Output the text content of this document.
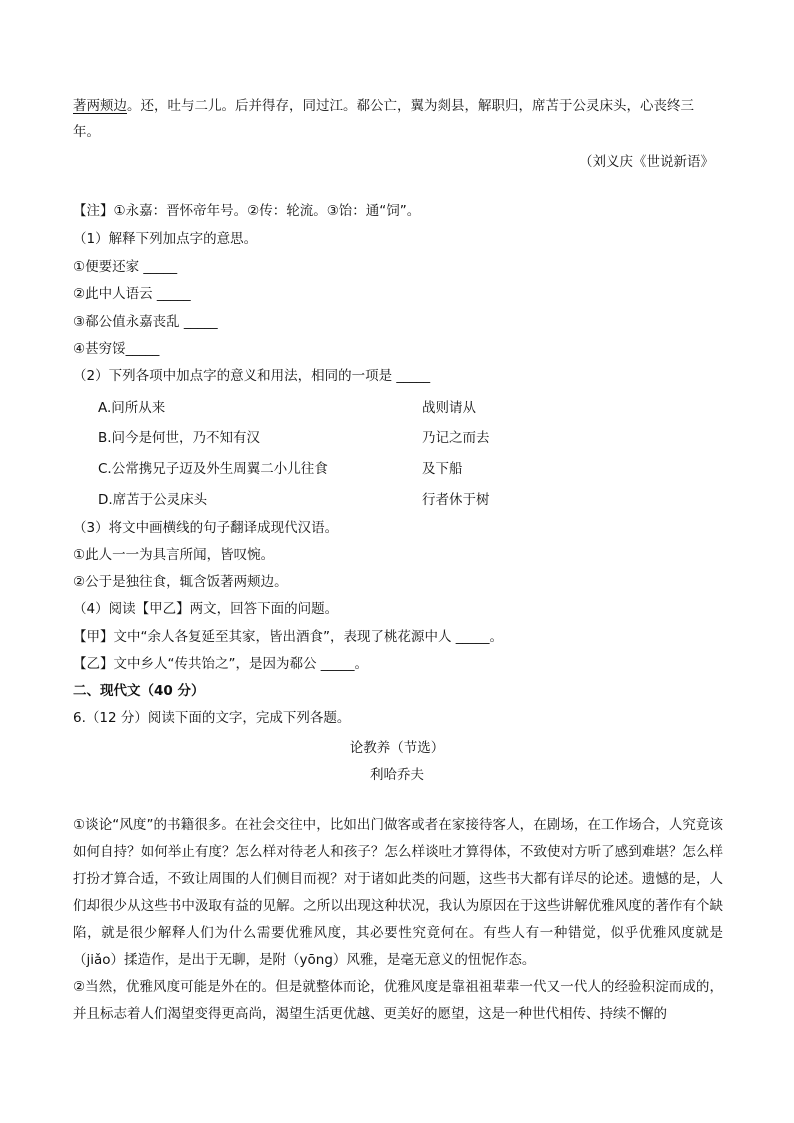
著两颊边。还，吐与二儿。后并得存，同过江。郗公亡，翼为剡县，解职归，席苫于公灵床头，心丧终三
年。
（刘义庆《世说新语》
【注】①永嘉：晋怀帝年号。②传：轮流。③饴：通“饲”。
（1）解释下列加点字的意思。
①便要还家 _____
②此中人语云 _____
③郗公值永嘉丧乱 _____
④甚穷馁_____
（2）下列各项中加点字的意义和用法，相同的一项是 _____
A.问所从来	战则请从
B.问今是何世，乃不知有汉	乃记之而去
C.公常携兄子迈及外生周翼二小儿往食	及下船
D.席苫于公灵床头	行者休于树
（3）将文中画横线的句子翻译成现代汉语。
①此人一一为具言所闻，皆叹惋。
②公于是独往食，辄含饭著两颊边。
（4）阅读【甲乙】两文，回答下面的问题。
【甲】文中“余人各复延至其家，皆出酒食”，表现了桃花源中人 _____。
【乙】文中乡人“传共饴之”，是因为郗公 _____。
二、现代文（40 分）
6.（12 分）阅读下面的文字，完成下列各题。
论教养（节选）
利哈乔夫
①谈论“风度”的书籍很多。在社会交往中，比如出门做客或者在家接待客人，在剧场，在工作场合，人究竟该如何自持？如何举止有度？怎么样对待老人和孩子？怎么样谈吐才算得体，不致使对方听了感到难堪？怎么样打扮才算合适，不致让周围的人们侧目而视？对于诸如此类的问题，这些书大都有详尽的论述。遗憾的是，人们却很少从这些书中汲取有益的见解。之所以出现这种状况，我认为原因在于这些讲解优雅风度的著作有个缺陷，就是很少解释人们为什么需要优雅风度，其必要性究竟何在。有些人有一种错觉，似乎优雅风度就是（jiǎo）揉造作，是出于无聊，是附（yōng）风雅，是毫无意义的忸怩作态。
②当然，优雅风度可能是外在的。但是就整体而论，优雅风度是靠祖祖辈辈一代又一代人的经验积淀而成的，并且标志着人们渴望变得更高尚，渴望生活更优越、更美好的愿望，这是一种世代相传、持续不懈的
